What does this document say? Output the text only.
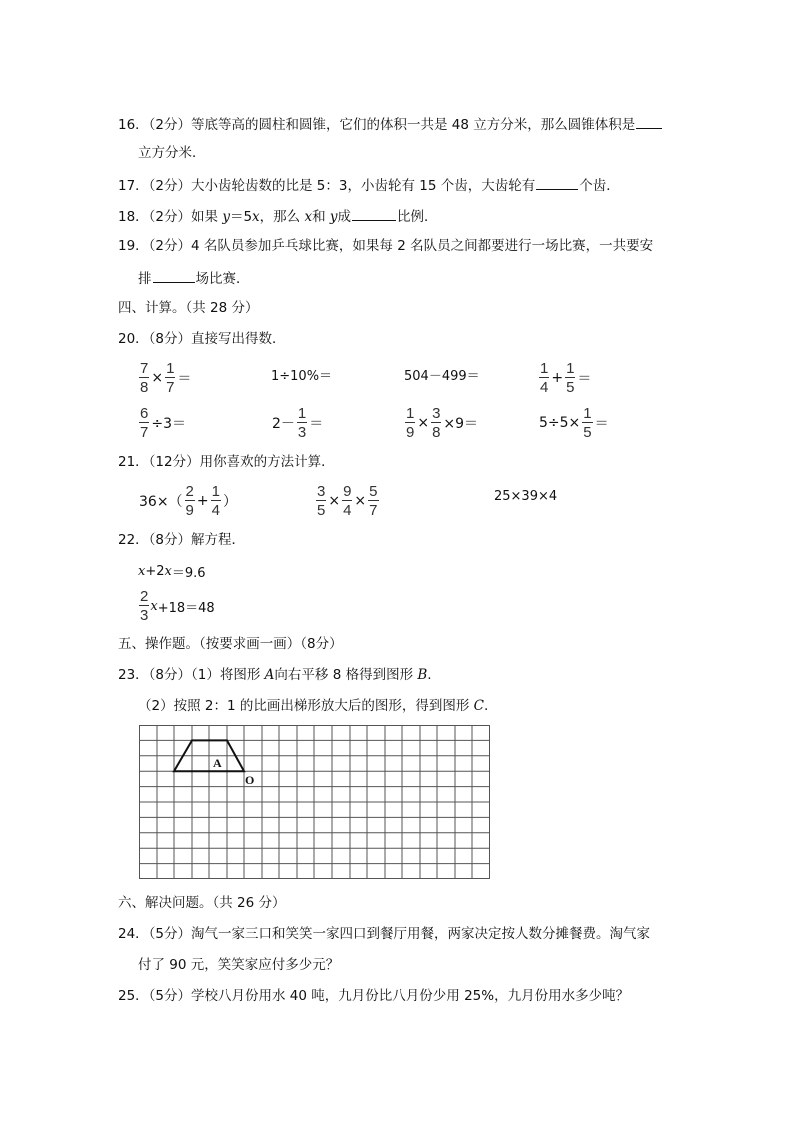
16．（2分）等底等高的圆柱和圆锥，它们的体积一共是 48 立方分米，那么圆锥体积是
立方分米．
17．（2分）大小齿轮齿数的比是 5：3，小齿轮有 15 个齿，大齿轮有	个齿．
18．（2分）如果 y＝5x，那么 x和 y成	比例．
19．（2分）4 名队员参加乒乓球比赛，如果每 2 名队员之间都要进行一场比赛，一共要安
排	场比赛．
四、计算。（共 28 分）
20．（8分）直接写出得数．
$\frac{7}{8} \times \frac{1}{7}$ ＝	1÷10%＝	504－499＝	$\frac{1}{4} + \frac{1}{5}$ ＝
$\frac{6}{7} \div 3=$	$2- \frac{1}{3}$ ＝	$\frac{1}{9} \times \frac{3}{8} \times 9=$	$5\div 5\times \frac{1}{5}$ ＝
21．（12分）用你喜欢的方法计算．
$36\times( \frac{2}{9} + \frac{1}{4}$ ）	$\frac{3}{5} \times \frac{9}{4} \times \frac{5}{7}$	25×39×4
22．（8分）解方程．
x +2 x ＝9.6
$\frac{2}{3}$ x +18＝48
五、操作题。（按要求画一画）（8分）
23．（8分）（1）将图形 A向右平移 8 格得到图形 B.
（2）按照 2：1 的比画出梯形放大后的图形，得到图形 C.
A
O
六、解决问题。（共 26 分）
24．（5分）淘气一家三口和笑笑一家四口到餐厅用餐，两家决定按人数分摊餐费。淘气家
付了 90 元，笑笑家应付多少元？
25．（5分）学校八月份用水 40 吨，九月份比八月份少用 25%，九月份用水多少吨？
